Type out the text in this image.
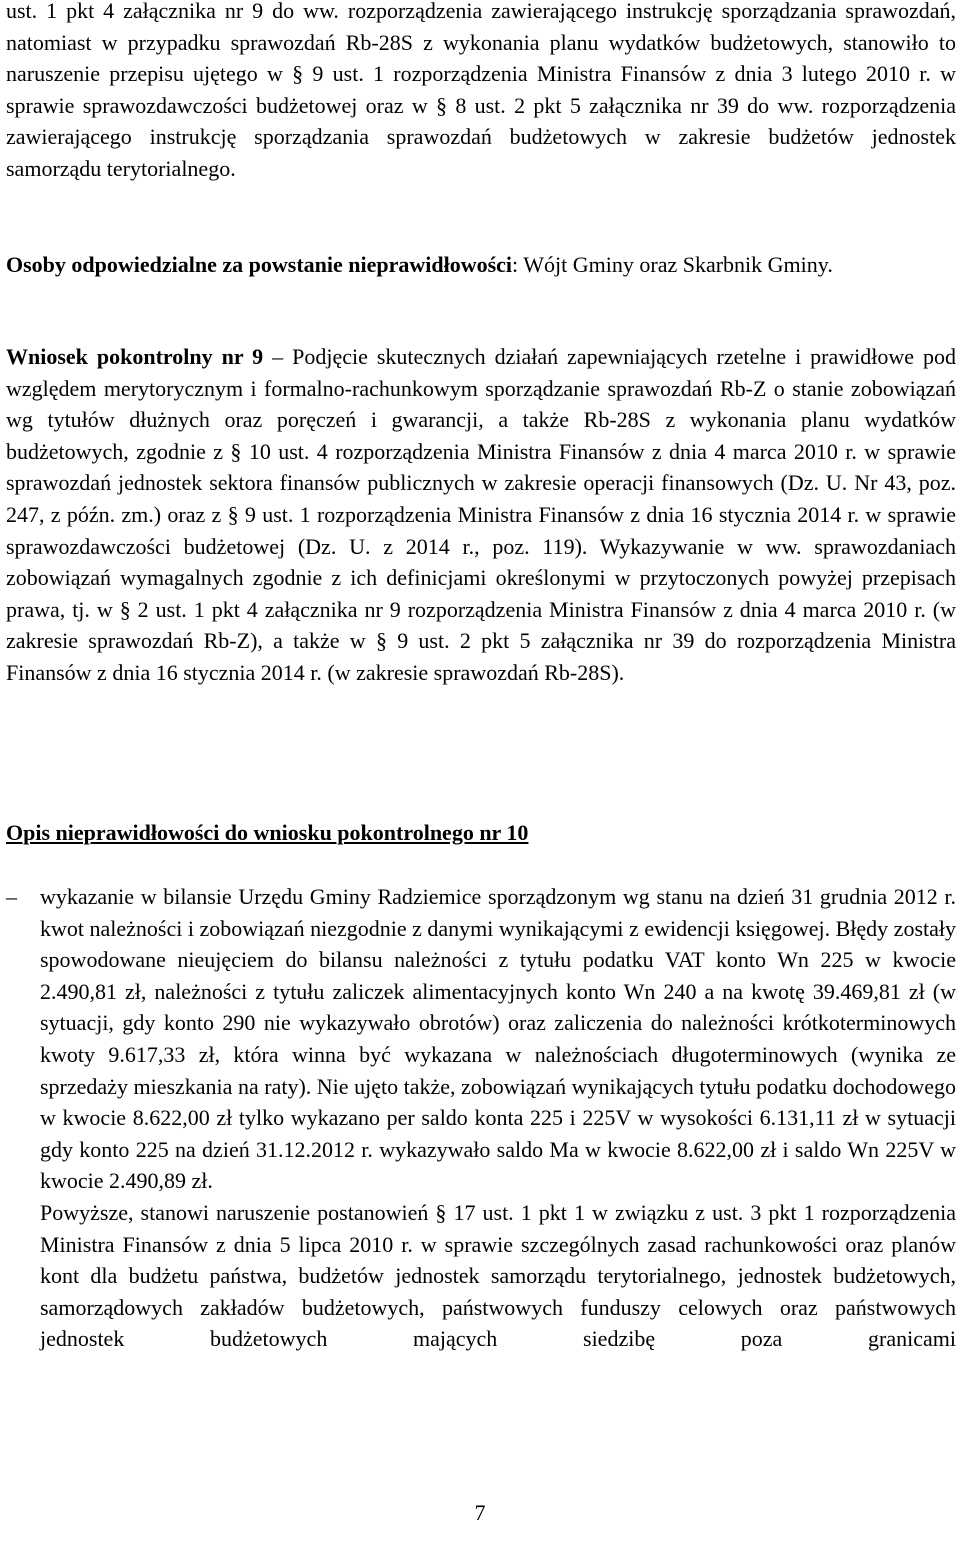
ust. 1 pkt 4 załącznika nr 9 do ww. rozporządzenia zawierającego instrukcję sporządzania sprawozdań, natomiast w przypadku sprawozdań Rb-28S z wykonania planu wydatków budżetowych, stanowiło to naruszenie przepisu ujętego w § 9 ust. 1 rozporządzenia Ministra Finansów z dnia 3 lutego 2010 r. w sprawie sprawozdawczości budżetowej oraz w § 8 ust. 2 pkt 5 załącznika nr 39 do ww. rozporządzenia zawierającego instrukcję sporządzania sprawozdań budżetowych w zakresie budżetów jednostek samorządu terytorialnego.

Osoby odpowiedzialne za powstanie nieprawidłowości: Wójt Gminy oraz Skarbnik Gminy.

Wniosek pokontrolny nr 9 – Podjęcie skutecznych działań zapewniających rzetelne i prawidłowe pod względem merytorycznym i formalno-rachunkowym sporządzanie sprawozdań Rb-Z o stanie zobowiązań wg tytułów dłużnych oraz poręczeń i gwarancji, a także Rb-28S z wykonania planu wydatków budżetowych, zgodnie z § 10 ust. 4 rozporządzenia Ministra Finansów z dnia 4 marca 2010 r. w sprawie sprawozdań jednostek sektora finansów publicznych w zakresie operacji finansowych (Dz. U. Nr 43, poz. 247, z późn. zm.) oraz z § 9 ust. 1 rozporządzenia Ministra Finansów z dnia 16 stycznia 2014 r. w sprawie sprawozdawczości budżetowej (Dz. U. z 2014 r., poz. 119). Wykazywanie w ww. sprawozdaniach zobowiązań wymagalnych zgodnie z ich definicjami określonymi w przytoczonych powyżej przepisach prawa, tj. w § 2 ust. 1 pkt 4 załącznika nr 9 rozporządzenia Ministra Finansów z dnia 4 marca 2010 r. (w zakresie sprawozdań Rb-Z), a także w § 9 ust. 2 pkt 5 załącznika nr 39 do rozporządzenia Ministra Finansów z dnia 16 stycznia 2014 r. (w zakresie sprawozdań Rb-28S).

Opis nieprawidłowości do wniosku pokontrolnego nr 10
– wykazanie w bilansie Urzędu Gminy Radziemice sporządzonym wg stanu na dzień 31 grudnia 2012 r. kwot należności i zobowiązań niezgodnie z danymi wynikającymi z ewidencji księgowej. Błędy zostały spowodowane nieujęciem do bilansu należności z tytułu podatku VAT konto Wn 225 w kwocie 2.490,81 zł, należności z tytułu zaliczek alimentacyjnych konto Wn 240 a na kwotę 39.469,81 zł (w sytuacji, gdy konto 290 nie wykazywało obrotów) oraz zaliczenia do należności krótkoterminowych kwoty 9.617,33 zł, która winna być wykazana w należnościach długoterminowych (wynika ze sprzedaży mieszkania na raty). Nie ujęto także, zobowiązań wynikających tytułu podatku dochodowego w kwocie 8.622,00 zł tylko wykazano per saldo konta 225 i 225V w wysokości 6.131,11 zł w sytuacji gdy konto 225 na dzień 31.12.2012 r. wykazywało saldo Ma w kwocie 8.622,00 zł i saldo Wn 225V w kwocie 2.490,89 zł.

Powyższe, stanowi naruszenie postanowień § 17 ust. 1 pkt 1 w związku z ust. 3 pkt 1 rozporządzenia Ministra Finansów z dnia 5 lipca 2010 r. w sprawie szczególnych zasad rachunkowości oraz planów kont dla budżetu państwa, budżetów jednostek samorządu terytorialnego, jednostek budżetowych, samorządowych zakładów budżetowych, państwowych funduszy celowych oraz państwowych jednostek budżetowych mających siedzibę poza granicami

7
